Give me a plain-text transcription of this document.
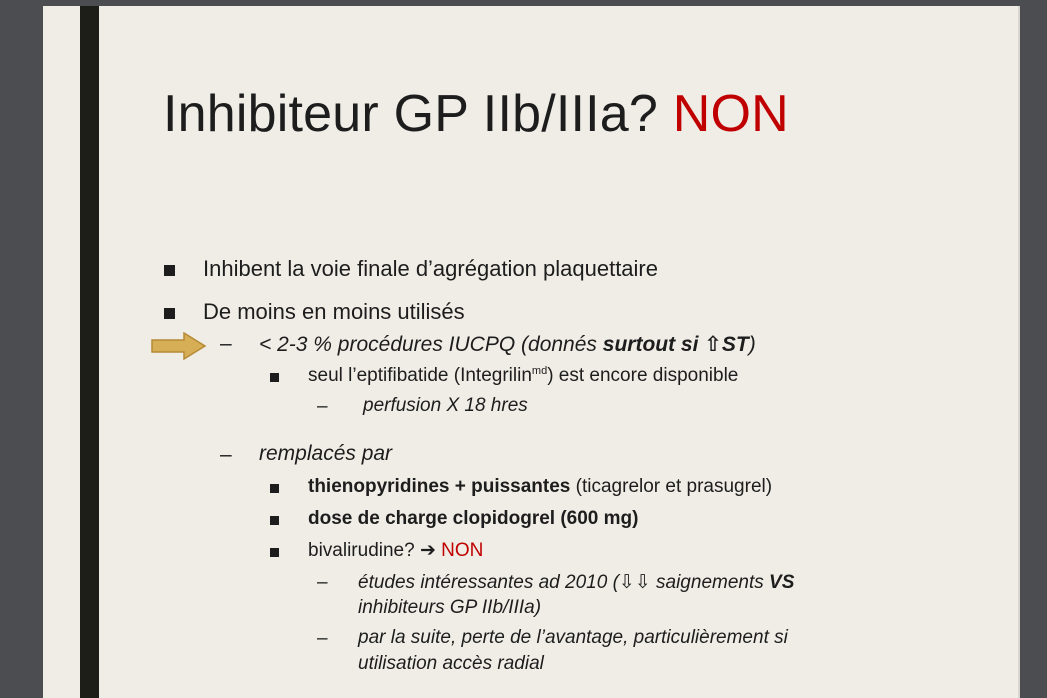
Inhibiteur GP IIb/IIIa? NON
Inhibent la voie finale d’agrégation plaquettaire
De moins en moins utilisés
– < 2-3 % procédures IUCPQ (donnés surtout si ⇧ST)
seul l’eptifibatide (Integrilin$^{md}$) est encore disponible
– perfusion X 18 hres
– remplacés par
thienopyridines + puissantes (ticagrelor et prasugrel)
dose de charge clopidogrel (600 mg)
bivalirudine? ➔ NON
– études intéressantes ad 2010 (⇩⇩ saignements VS
inhibiteurs GP IIb/IIIa)
– par la suite, perte de l’avantage, particulièrement si
utilisation accès radial
